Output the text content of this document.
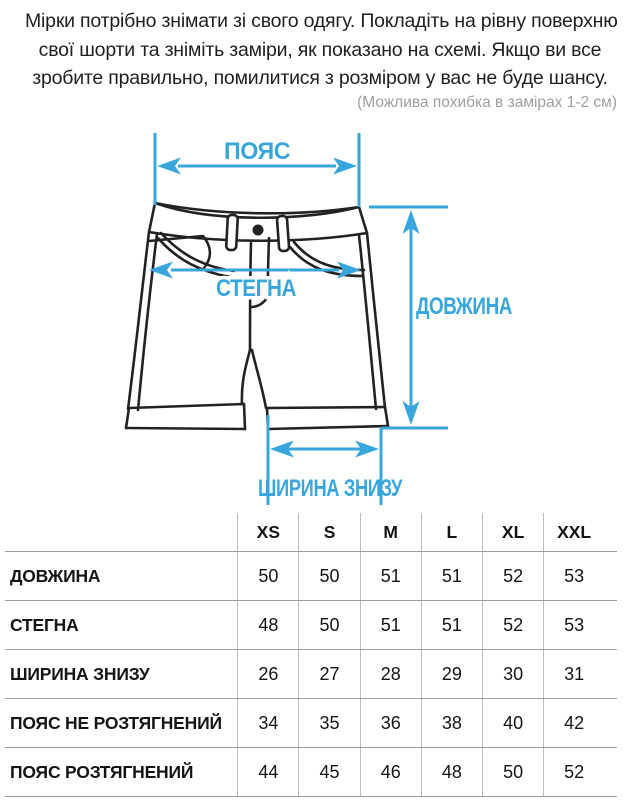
Мірки потрібно знімати зі свого одягу. Покладіть на рівну поверхню
свої шорти та зніміть заміри, як показано на схемі. Якщо ви все
зробите правильно, помилитися з розміром у вас не буде шансу.
(Можлива похибка в замірах 1-2 см)
ПОЯС
СТЕГНА
ДОВЖИНА
ШИРИНА ЗНИЗУ
	XS	S	M	L	XL	XXL
ДОВЖИНА	50	50	51	51	52	53
СТЕГНА	48	50	51	51	52	53
ШИРИНА ЗНИЗУ	26	27	28	29	30	31
ПОЯС НЕ РОЗТЯГНЕНИЙ	34	35	36	38	40	42
ПОЯС РОЗТЯГНЕНИЙ	44	45	46	48	50	52
